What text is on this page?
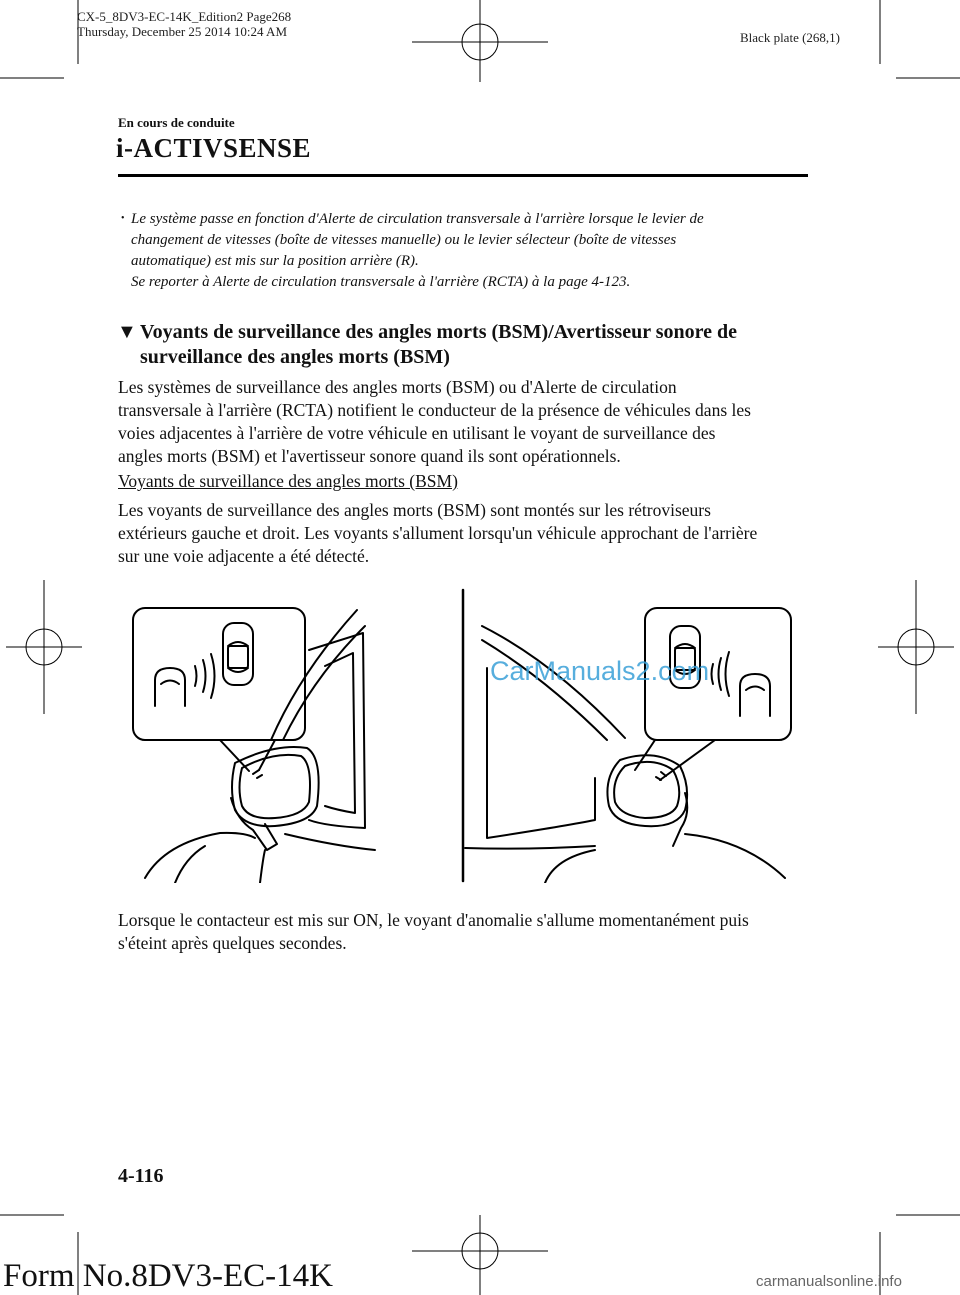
CX-5_8DV3-EC-14K_Edition2 Page268
Thursday, December 25 2014 10:24 AM	Black plate (268,1)
En cours de conduite
i-ACTIVSENSE
• Le système passe en fonction d'Alerte de circulation transversale à l'arrière lorsque le levier de
changement de vitesses (boîte de vitesses manuelle) ou le levier sélecteur (boîte de vitesses
automatique) est mis sur la position arrière (R).
Se reporter à Alerte de circulation transversale à l'arrière (RCTA) à la page 4-123.
▼ Voyants de surveillance des angles morts (BSM)/Avertisseur sonore de
surveillance des angles morts (BSM)
Les systèmes de surveillance des angles morts (BSM) ou d'Alerte de circulation
transversale à l'arrière (RCTA) notifient le conducteur de la présence de véhicules dans les
voies adjacentes à l'arrière de votre véhicule en utilisant le voyant de surveillance des
angles morts (BSM) et l'avertisseur sonore quand ils sont opérationnels.
Voyants de surveillance des angles morts (BSM)
Les voyants de surveillance des angles morts (BSM) sont montés sur les rétroviseurs
extérieurs gauche et droit. Les voyants s'allument lorsqu'un véhicule approchant de l'arrière
sur une voie adjacente a été détecté.
CarManuals2.com
Lorsque le contacteur est mis sur ON, le voyant d'anomalie s'allume momentanément puis
s'éteint après quelques secondes.
4-116
Form No.8DV3-EC-14K	carmanualsonline.info
